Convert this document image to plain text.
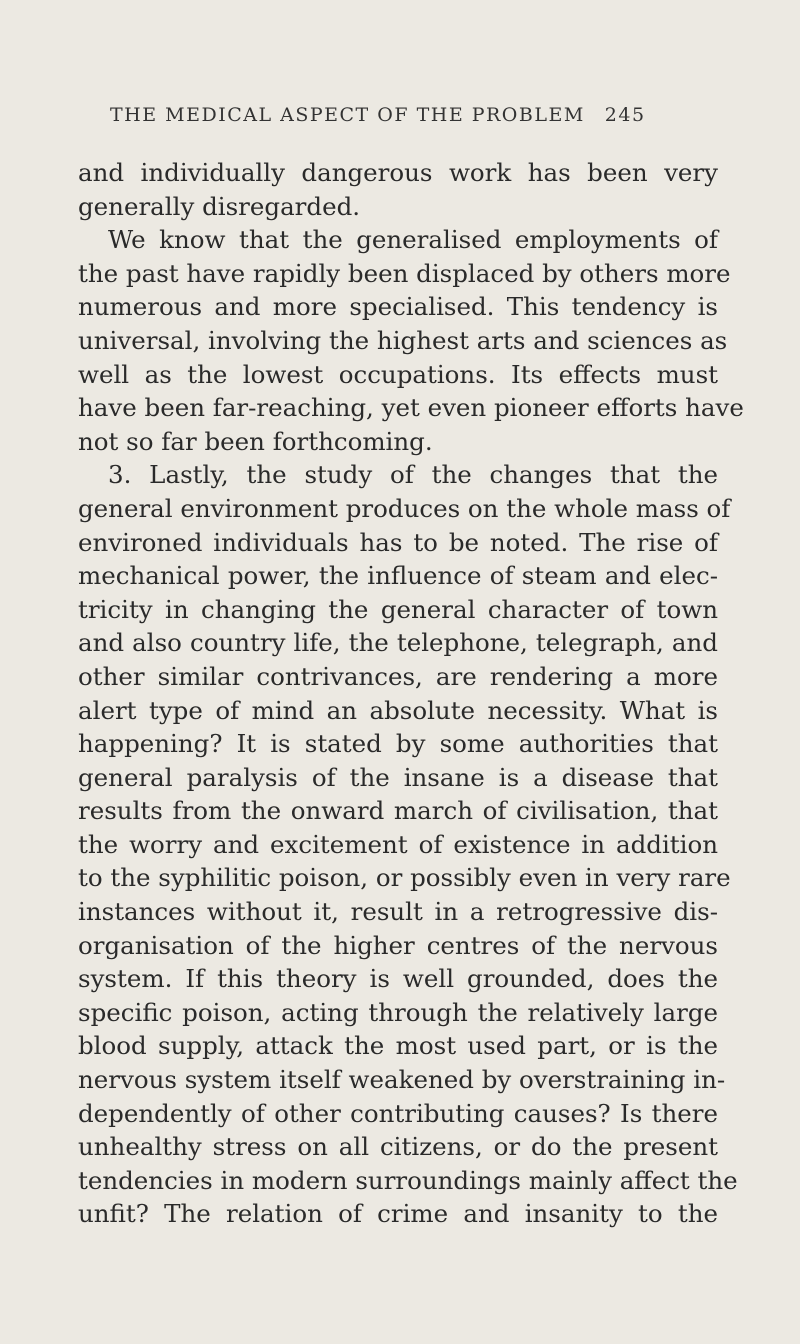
THE MEDICAL ASPECT OF THE PROBLEM 245
and individually dangerous work has been very
generally disregarded.
We know that the generalised employments of
the past have rapidly been displaced by others more
numerous and more specialised. This tendency is
universal, involving the highest arts and sciences as
well as the lowest occupations. Its effects must
have been far-reaching, yet even pioneer efforts have
not so far been forthcoming.
3. Lastly, the study of the changes that the
general environment produces on the whole mass of
environed individuals has to be noted. The rise of
mechanical power, the influence of steam and elec-
tricity in changing the general character of town
and also country life, the telephone, telegraph, and
other similar contrivances, are rendering a more
alert type of mind an absolute necessity. What is
happening? It is stated by some authorities that
general paralysis of the insane is a disease that
results from the onward march of civilisation, that
the worry and excitement of existence in addition
to the syphilitic poison, or possibly even in very rare
instances without it, result in a retrogressive dis-
organisation of the higher centres of the nervous
system. If this theory is well grounded, does the
specific poison, acting through the relatively large
blood supply, attack the most used part, or is the
nervous system itself weakened by overstraining in-
dependently of other contributing causes? Is there
unhealthy stress on all citizens, or do the present
tendencies in modern surroundings mainly affect the
unfit? The relation of crime and insanity to the
